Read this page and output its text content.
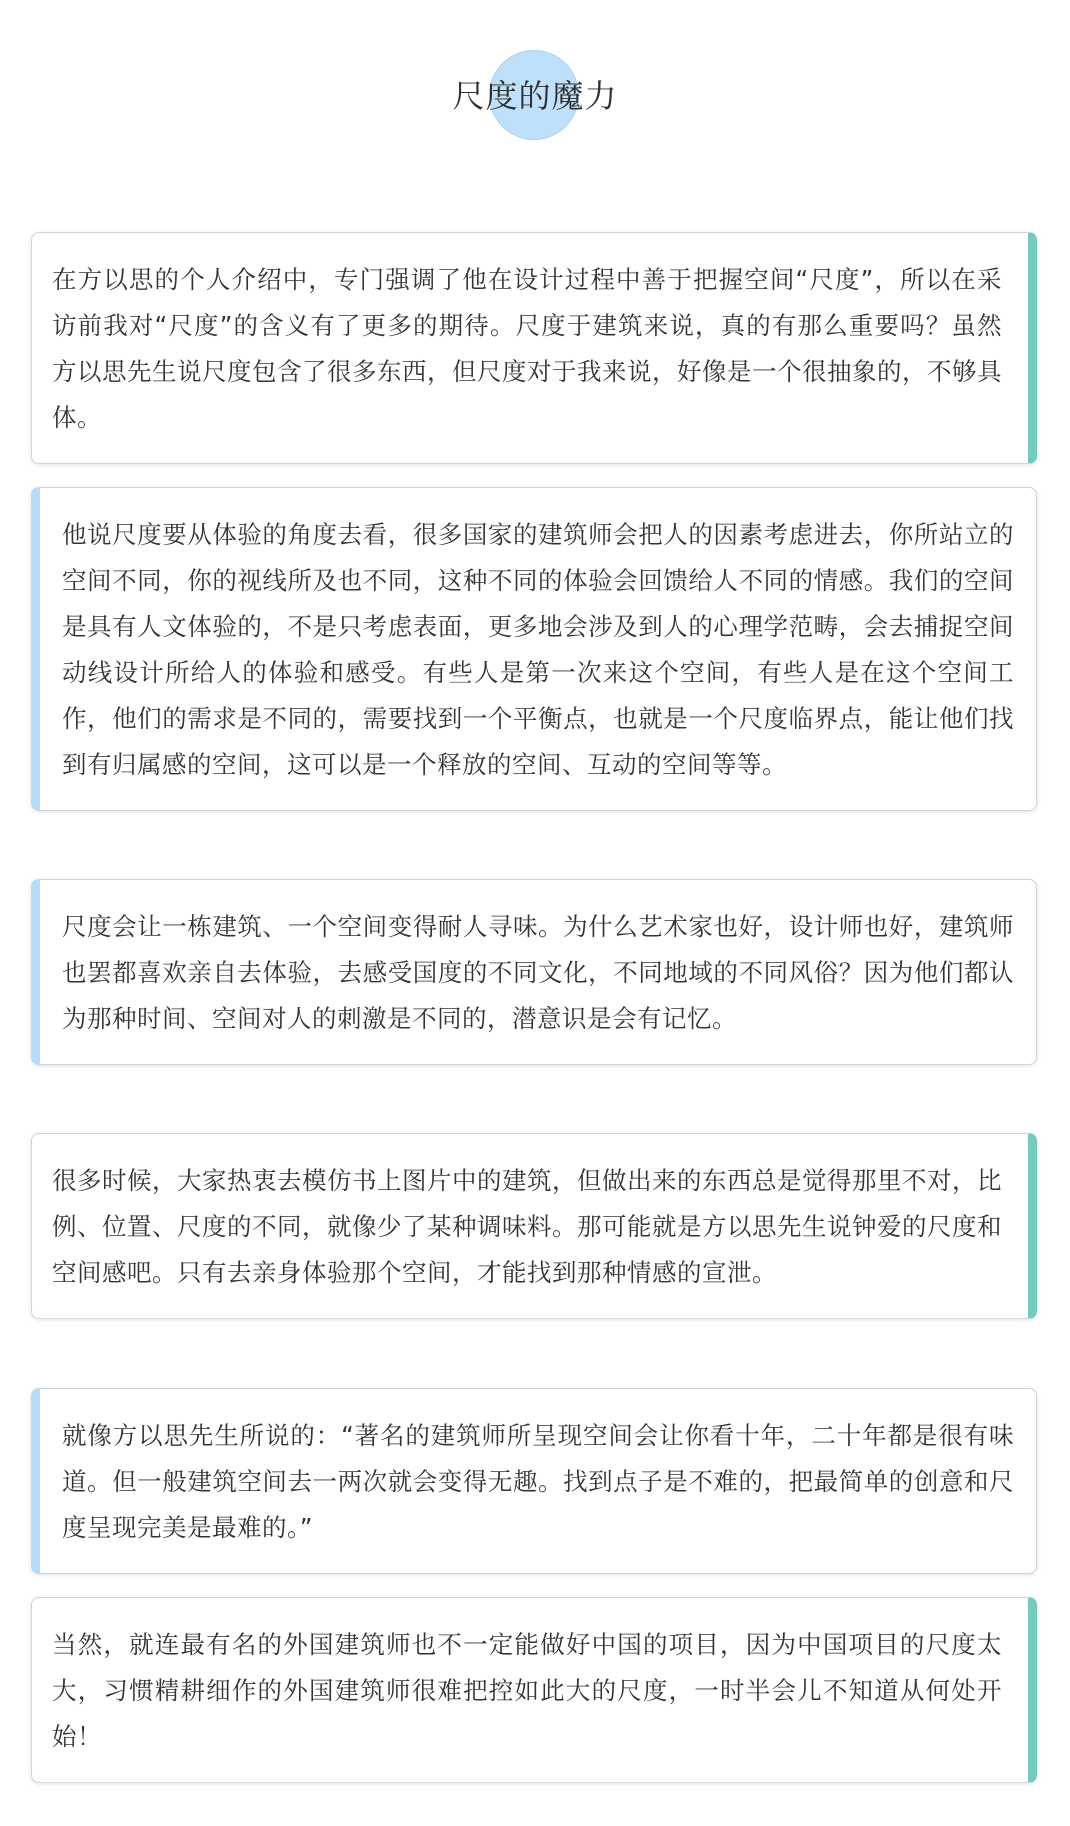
尺度的魔力

在方以思的个人介绍中，专门强调了他在设计过程中善于把握空间“尺度”，所以在采访前我对“尺度”的含义有了更多的期待。尺度于建筑来说，真的有那么重要吗？虽然方以思先生说尺度包含了很多东西，但尺度对于我来说，好像是一个很抽象的，不够具体。

他说尺度要从体验的角度去看，很多国家的建筑师会把人的因素考虑进去，你所站立的空间不同，你的视线所及也不同，这种不同的体验会回馈给人不同的情感。我们的空间是具有人文体验的，不是只考虑表面，更多地会涉及到人的心理学范畴，会去捕捉空间动线设计所给人的体验和感受。有些人是第一次来这个空间，有些人是在这个空间工作，他们的需求是不同的，需要找到一个平衡点，也就是一个尺度临界点，能让他们找到有归属感的空间，这可以是一个释放的空间、互动的空间等等。

尺度会让一栋建筑、一个空间变得耐人寻味。为什么艺术家也好，设计师也好，建筑师也罢都喜欢亲自去体验，去感受国度的不同文化，不同地域的不同风俗？因为他们都认为那种时间、空间对人的刺激是不同的，潜意识是会有记忆。

很多时候，大家热衷去模仿书上图片中的建筑，但做出来的东西总是觉得那里不对，比例、位置、尺度的不同，就像少了某种调味料。那可能就是方以思先生说钟爱的尺度和空间感吧。只有去亲身体验那个空间，才能找到那种情感的宣泄。

就像方以思先生所说的：“著名的建筑师所呈现空间会让你看十年，二十年都是很有味道。但一般建筑空间去一两次就会变得无趣。找到点子是不难的，把最简单的创意和尺度呈现完美是最难的。”

当然，就连最有名的外国建筑师也不一定能做好中国的项目，因为中国项目的尺度太大，习惯精耕细作的外国建筑师很难把控如此大的尺度，一时半会儿不知道从何处开始！
